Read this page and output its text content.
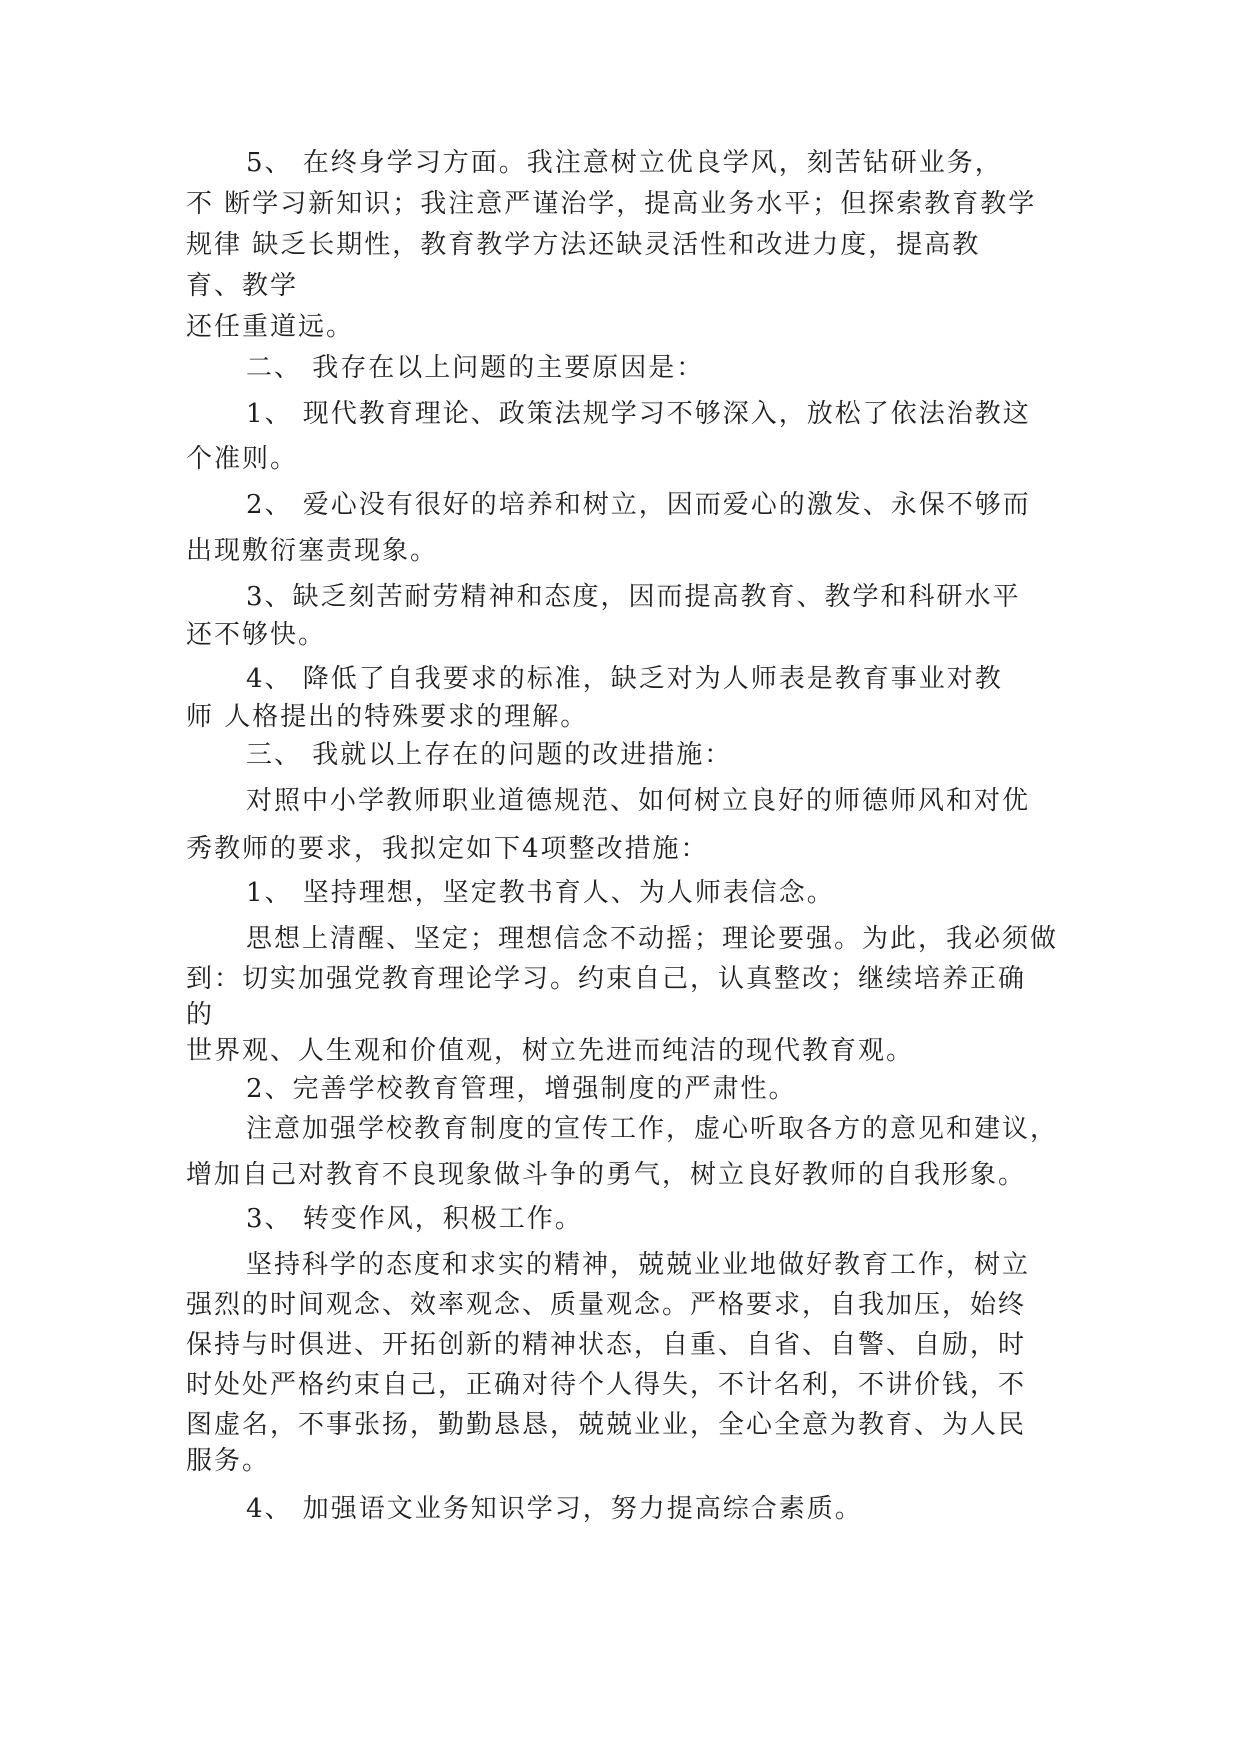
5、 在终身学习方面。我注意树立优良学风，刻苦钻研业务，
不 断学习新知识；我注意严谨治学，提高业务水平；但探索教育教学
规律 缺乏长期性，教育教学方法还缺灵活性和改进力度，提高教
育、教学
还任重道远。
二、 我存在以上问题的主要原因是：
1、 现代教育理论、政策法规学习不够深入，放松了依法治教这
个准则。
2、 爱心没有很好的培养和树立，因而爱心的激发、永保不够而
出现敷衍塞责现象。
3、缺乏刻苦耐劳精神和态度，因而提高教育、教学和科研水平
还不够快。
4、 降低了自我要求的标准，缺乏对为人师表是教育事业对教
师 人格提出的特殊要求的理解。
三、 我就以上存在的问题的改进措施：
对照中小学教师职业道德规范、如何树立良好的师德师风和对优
秀教师的要求，我拟定如下4项整改措施：
1、 坚持理想，坚定教书育人、为人师表信念。
思想上清醒、坚定；理想信念不动摇；理论要强。为此，我必须做
到：切实加强党教育理论学习。约束自己，认真整改；继续培养正确
的
世界观、人生观和价值观，树立先进而纯洁的现代教育观。
2、完善学校教育管理，增强制度的严肃性。
注意加强学校教育制度的宣传工作，虚心听取各方的意见和建议，
增加自己对教育不良现象做斗争的勇气，树立良好教师的自我形象。
3、 转变作风，积极工作。
坚持科学的态度和求实的精神，兢兢业业地做好教育工作，树立
强烈的时间观念、效率观念、质量观念。严格要求，自我加压，始终
保持与时俱进、开拓创新的精神状态，自重、自省、自警、自励，时
时处处严格约束自己，正确对待个人得失，不计名利，不讲价钱，不
图虚名，不事张扬，勤勤恳恳，兢兢业业，全心全意为教育、为人民
服务。
4、 加强语文业务知识学习，努力提高综合素质。
